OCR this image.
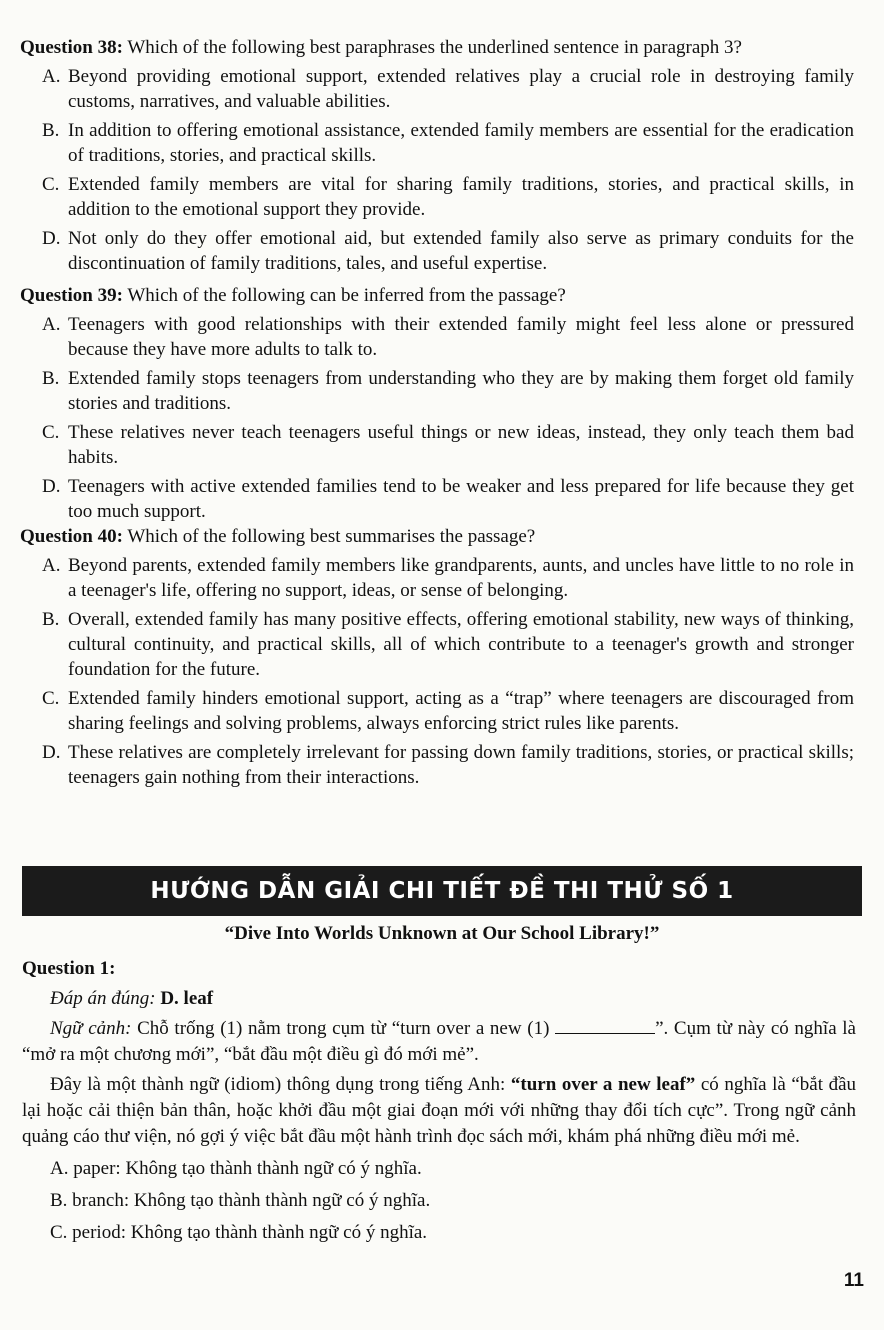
Question 38: Which of the following best paraphrases the underlined sentence in paragraph 3?
A. Beyond providing emotional support, extended relatives play a crucial role in destroying family customs, narratives, and valuable abilities.
B. In addition to offering emotional assistance, extended family members are essential for the eradication of traditions, stories, and practical skills.
C. Extended family members are vital for sharing family traditions, stories, and practical skills, in addition to the emotional support they provide.
D. Not only do they offer emotional aid, but extended family also serve as primary conduits for the discontinuation of family traditions, tales, and useful expertise.
Question 39: Which of the following can be inferred from the passage?
A. Teenagers with good relationships with their extended family might feel less alone or pressured because they have more adults to talk to.
B. Extended family stops teenagers from understanding who they are by making them forget old family stories and traditions.
C. These relatives never teach teenagers useful things or new ideas, instead, they only teach them bad habits.
D. Teenagers with active extended families tend to be weaker and less prepared for life because they get too much support.
Question 40: Which of the following best summarises the passage?
A. Beyond parents, extended family members like grandparents, aunts, and uncles have little to no role in a teenager's life, offering no support, ideas, or sense of belonging.
B. Overall, extended family has many positive effects, offering emotional stability, new ways of thinking, cultural continuity, and practical skills, all of which contribute to a teenager's growth and stronger foundation for the future.
C. Extended family hinders emotional support, acting as a “trap” where teenagers are discouraged from sharing feelings and solving problems, always enforcing strict rules like parents.
D. These relatives are completely irrelevant for passing down family traditions, stories, or practical skills; teenagers gain nothing from their interactions.
HƯỚNG DẪN GIẢI CHI TIẾT ĐỀ THI THỬ SỐ 1
“Dive Into Worlds Unknown at Our School Library!”
Question 1:

Đáp án đúng: D. leaf

Ngữ cảnh: Chỗ trống (1) nằm trong cụm từ “turn over a new (1)	”. Cụm từ này có nghĩa là “mở ra một chương mới”, “bắt đầu một điều gì đó mới mẻ”.

Đây là một thành ngữ (idiom) thông dụng trong tiếng Anh: “turn over a new leaf” có nghĩa là “bắt đầu lại hoặc cải thiện bản thân, hoặc khởi đầu một giai đoạn mới với những thay đổi tích cực”. Trong ngữ cảnh quảng cáo thư viện, nó gợi ý việc bắt đầu một hành trình đọc sách mới, khám phá những điều mới mẻ.

A. paper: Không tạo thành thành ngữ có ý nghĩa.
B. branch: Không tạo thành thành ngữ có ý nghĩa.
C. period: Không tạo thành thành ngữ có ý nghĩa.
11
